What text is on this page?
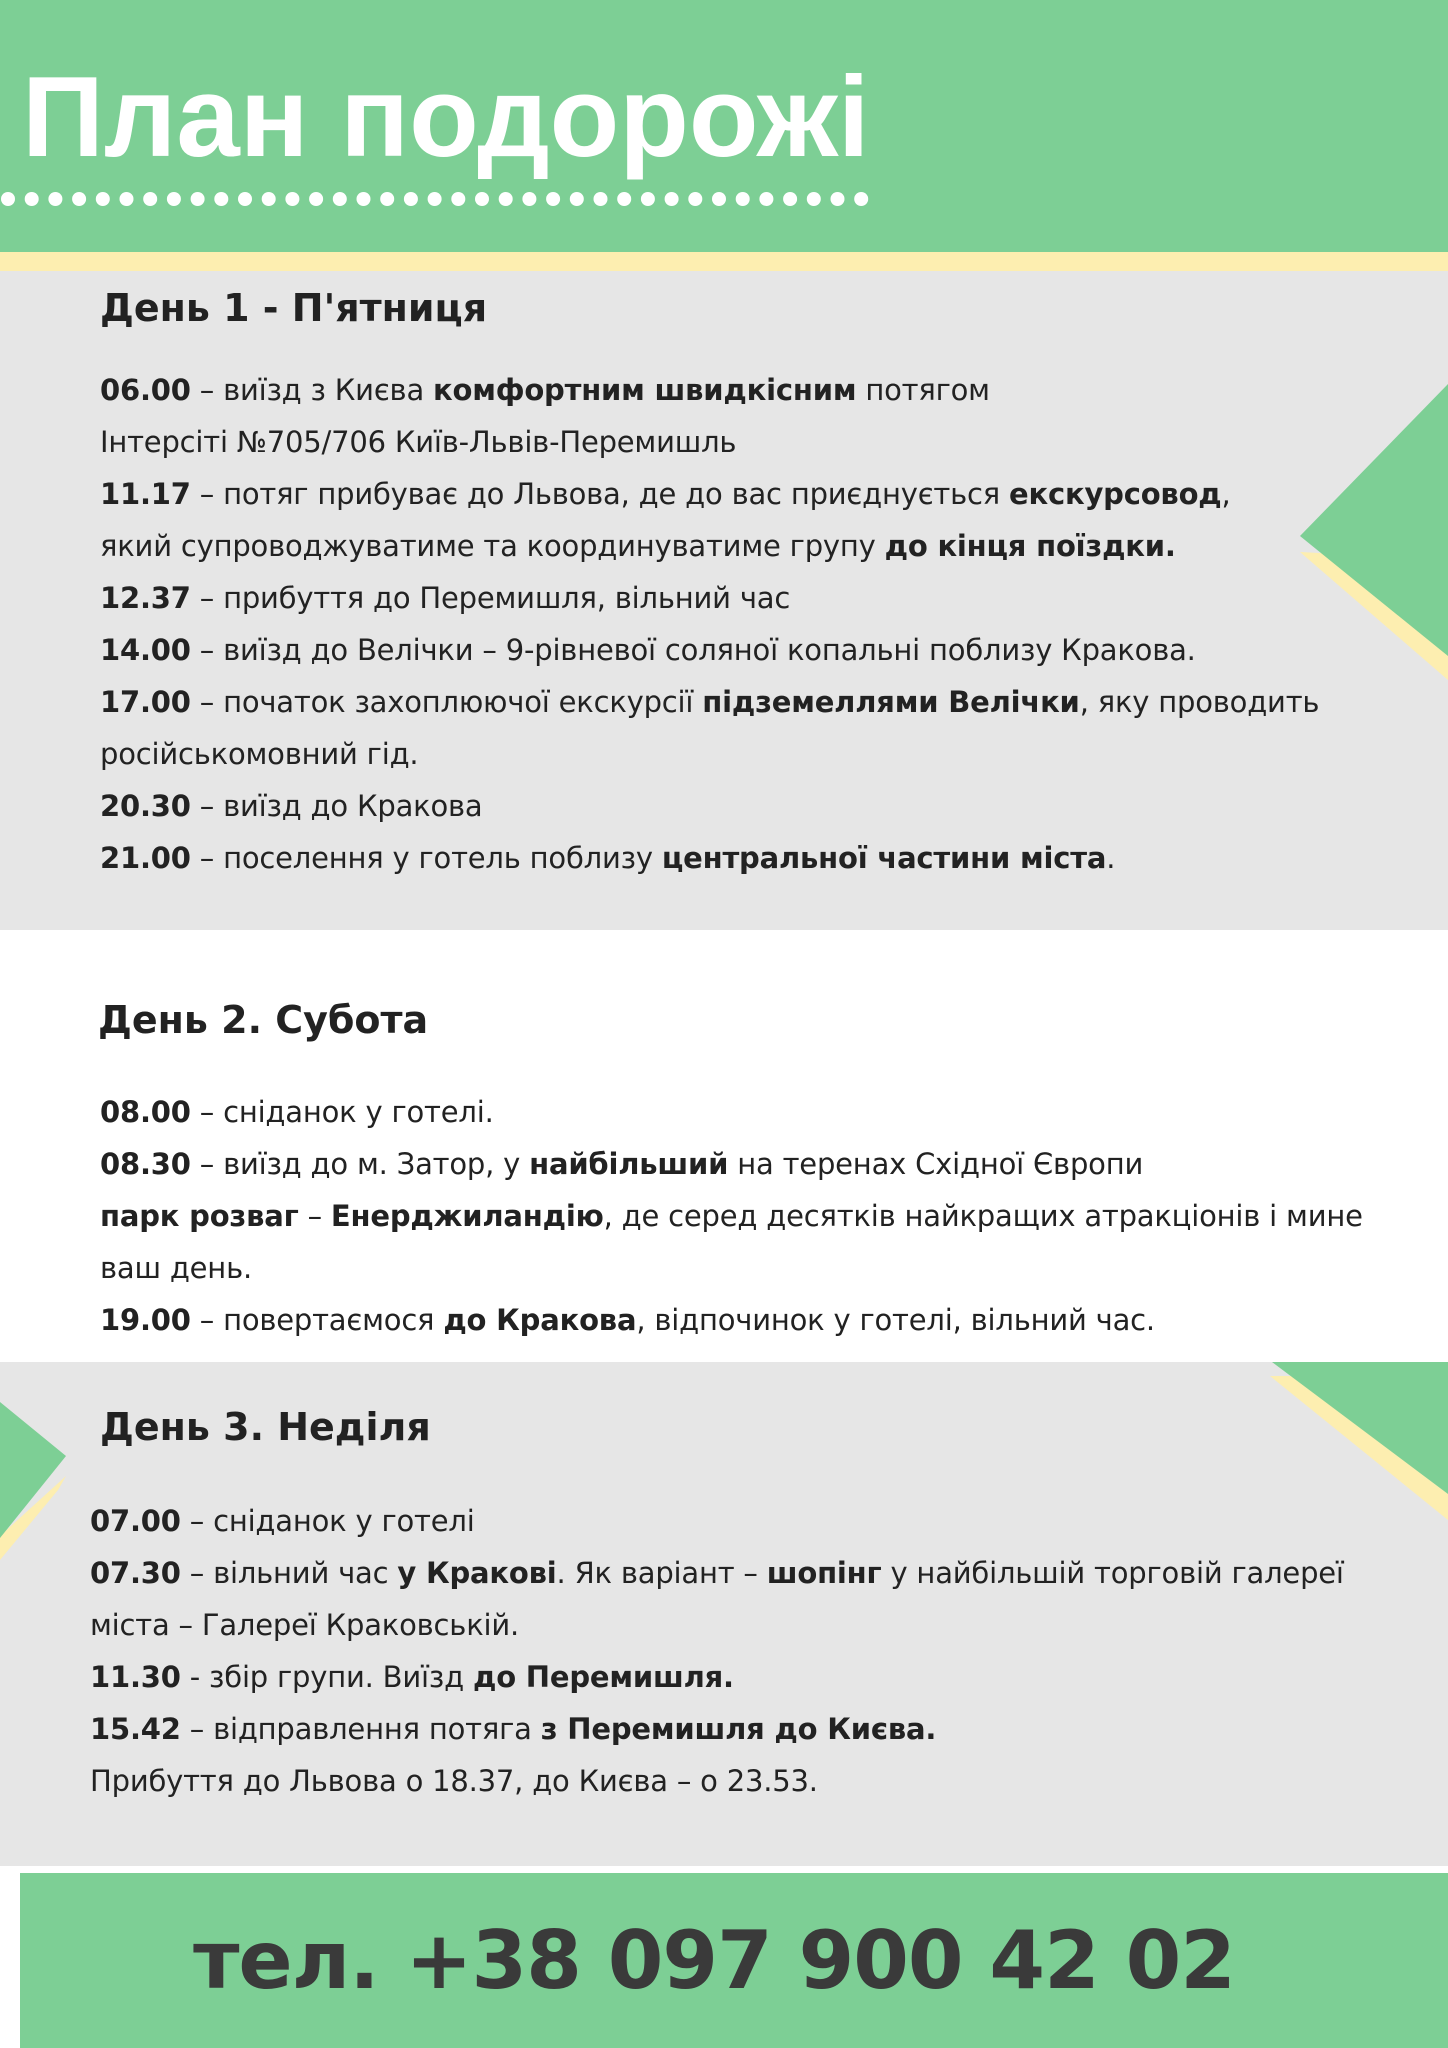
План подорожі
День 1 - П'ятниця
06.00 – виїзд з Києва комфортним швидкісним потягом
Інтерсіті №705/706 Київ-Львів-Перемишль
11.17 – потяг прибуває до Львова, де до вас приєднується екскурсовод,
який супроводжуватиме та координуватиме групу до кінця поїздки.
12.37 – прибуття до Перемишля, вільний час
14.00 – виїзд до Велічки – 9-рівневої соляної копальні поблизу Кракова.
17.00 – початок захоплюючої екскурсії підземеллями Велічки, яку проводить
російськомовний гід.
20.30 – виїзд до Кракова
21.00 – поселення у готель поблизу центральної частини міста.
День 2. Субота
08.00 – сніданок у готелі.
08.30 – виїзд до м. Затор, у найбільший на теренах Східної Європи
парк розваг – Енерджиландію, де серед десятків найкращих атракціонів і мине
ваш день.
19.00 – повертаємося до Кракова, відпочинок у готелі, вільний час.
День 3. Неділя
07.00 – сніданок у готелі
07.30 – вільний час у Кракові. Як варіант – шопінг у найбільшій торговій галереї
міста – Галереї Краковській.
11.30 - збір групи. Виїзд до Перемишля.
15.42 – відправлення потяга з Перемишля до Києва.
Прибуття до Львова о 18.37, до Києва – о 23.53.
тел. +38 097 900 42 02
